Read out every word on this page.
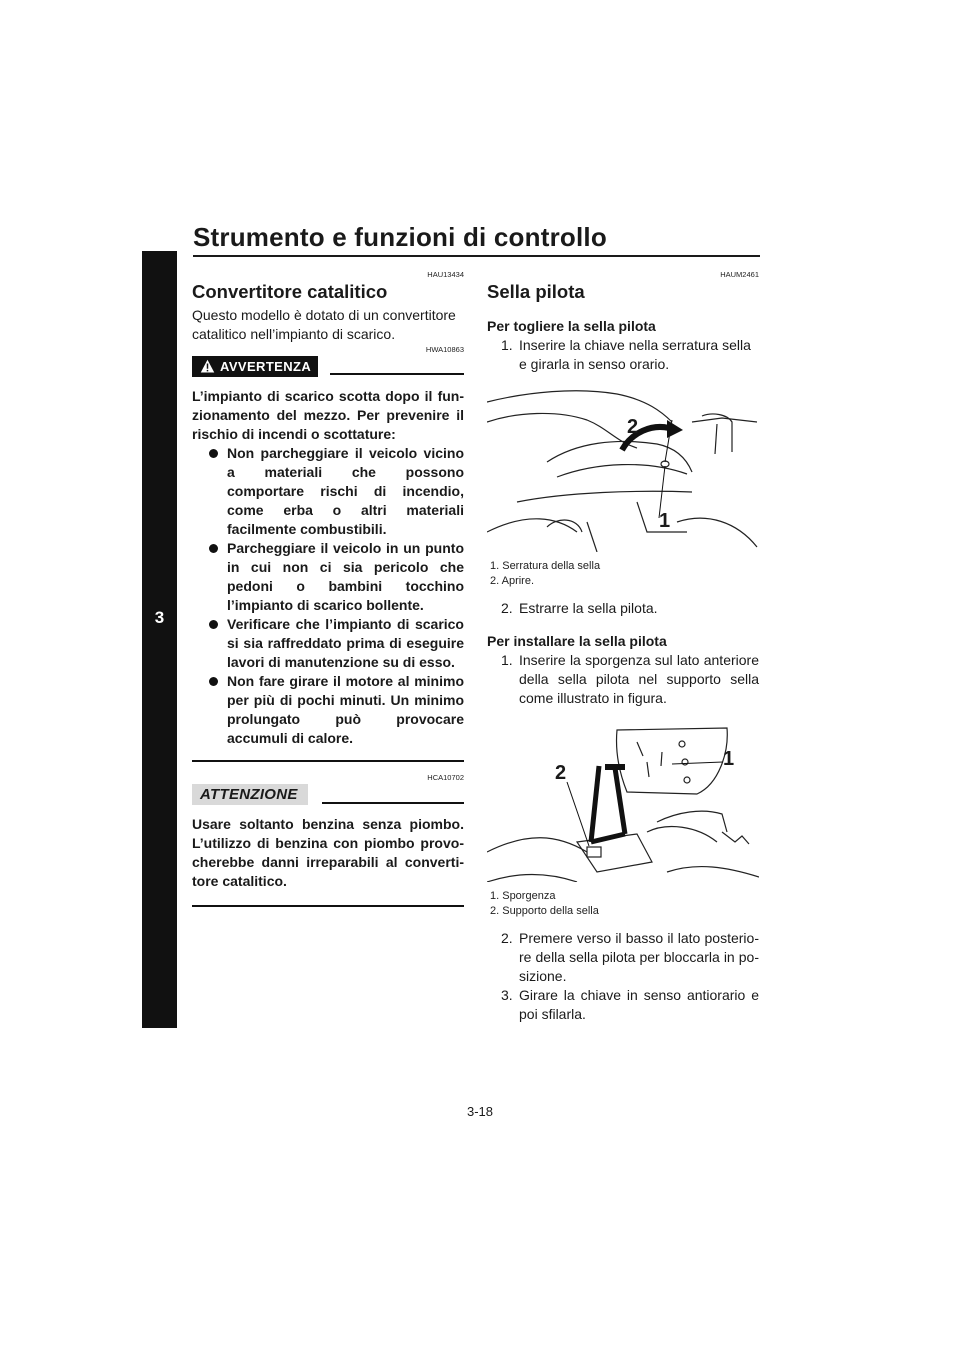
Strumento e funzioni di controllo
3
HAU13434
Convertitore catalitico

Questo modello è dotato di un convertitore catalitico nell’impianto di scarico.

HWA10863
AVVERTENZA

L’impianto di scarico scotta dopo il fun-zionamento del mezzo. Per prevenire il rischio di incendi o scottature:

Non parcheggiare il veicolo vicino a materiali che possono comportare rischi di incendio, come erba o altri materiali facilmente combustibili.
Parcheggiare il veicolo in un punto in cui non ci sia pericolo che pedoni o bambini tocchino l’impianto di scarico bollente.
Verificare che l’impianto di scarico si sia raffreddato prima di eseguire lavori di manutenzione su di esso.
Non fare girare il motore al minimo per più di pochi minuti. Un minimo prolungato può provocare accumuli di calore.
HCA10702
ATTENZIONE

Usare soltanto benzina senza piombo. L’utilizzo di benzina con piombo provo-cherebbe danni irreparabili al converti-tore catalitico.

HAUM2461
Sella pilota
Per togliere la sella pilota
1. Inserire la chiave nella serratura sella e girarla in senso orario.
2
1
1. Serratura della sella
2. Aprire.
2. Estrarre la sella pilota.
Per installare la sella pilota
1. Inserire la sporgenza sul lato anteriore della sella pilota nel supporto sella come illustrato in figura.
1
2
1. Sporgenza
2. Supporto della sella
2. Premere verso il basso il lato posterio-re della sella pilota per bloccarla in po-sizione.
3. Girare la chiave in senso antiorario e poi sfilarla.
3-18
